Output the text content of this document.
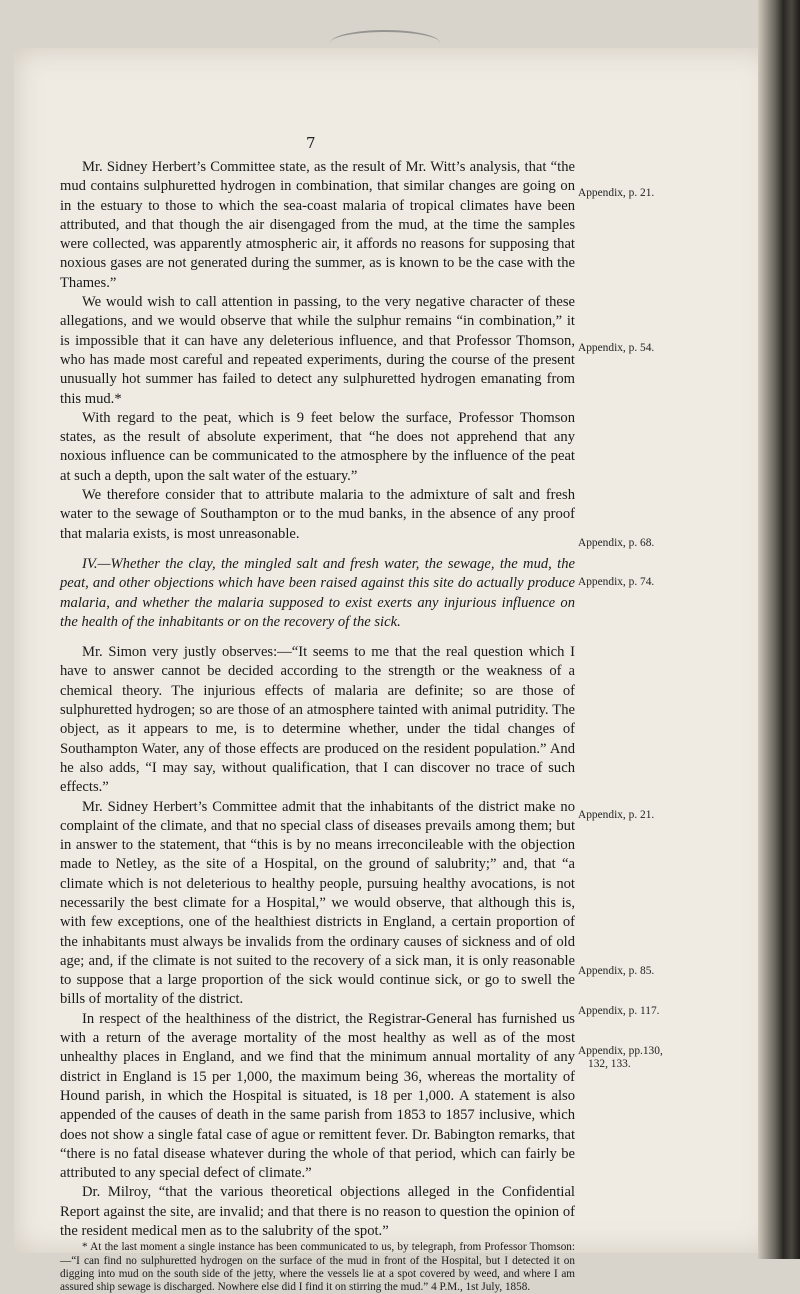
7

Mr. Sidney Herbert’s Committee state, as the result of Mr. Witt’s analysis, that “the mud contains sulphuretted hydrogen in combination, that similar changes are going on in the estuary to those to which the sea-coast malaria of tropical climates have been attributed, and that though the air disengaged from the mud, at the time the samples were collected, was apparently atmospheric air, it affords no reasons for supposing that noxious gases are not generated during the summer, as is known to be the case with the Thames.”

We would wish to call attention in passing, to the very negative character of these allegations, and we would observe that while the sulphur remains “in combination,” it is impossible that it can have any deleterious influence, and that Professor Thomson, who has made most careful and repeated experiments, during the course of the present unusually hot summer has failed to detect any sulphuretted hydrogen emanating from this mud.*

With regard to the peat, which is 9 feet below the surface, Professor Thomson states, as the result of absolute experiment, that “he does not apprehend that any noxious influence can be communicated to the atmosphere by the influence of the peat at such a depth, upon the salt water of the estuary.”

We therefore consider that to attribute malaria to the admixture of salt and fresh water to the sewage of Southampton or to the mud banks, in the absence of any proof that malaria exists, is most unreasonable.

IV.—Whether the clay, the mingled salt and fresh water, the sewage, the mud, the peat, and other objections which have been raised against this site do actually produce malaria, and whether the malaria supposed to exist exerts any injurious influence on the health of the inhabitants or on the recovery of the sick.

Mr. Simon very justly observes:—“It seems to me that the real question which I have to answer cannot be decided according to the strength or the weakness of a chemical theory. The injurious effects of malaria are definite; so are those of sulphuretted hydrogen; so are those of an atmosphere tainted with animal putridity. The object, as it appears to me, is to determine whether, under the tidal changes of Southampton Water, any of those effects are produced on the resident population.” And he also adds, “I may say, without qualification, that I can discover no trace of such effects.”

Mr. Sidney Herbert’s Committee admit that the inhabitants of the district make no complaint of the climate, and that no special class of diseases prevails among them; but in answer to the statement, that “this is by no means irreconcileable with the objection made to Netley, as the site of a Hospital, on the ground of salubrity;” and, that “a climate which is not deleterious to healthy people, pursuing healthy avocations, is not necessarily the best climate for a Hospital,” we would observe, that although this is, with few exceptions, one of the healthiest districts in England, a certain proportion of the inhabitants must always be invalids from the ordinary causes of sickness and of old age; and, if the climate is not suited to the recovery of a sick man, it is only reasonable to suppose that a large proportion of the sick would continue sick, or go to swell the bills of mortality of the district.

In respect of the healthiness of the district, the Registrar-General has furnished us with a return of the average mortality of the most healthy as well as of the most unhealthy places in England, and we find that the minimum annual mortality of any district in England is 15 per 1,000, the maximum being 36, whereas the mortality of Hound parish, in which the Hospital is situated, is 18 per 1,000. A statement is also appended of the causes of death in the same parish from 1853 to 1857 inclusive, which does not show a single fatal case of ague or remittent fever. Dr. Babington remarks, that “there is no fatal disease whatever during the whole of that period, which can fairly be attributed to any special defect of climate.”

Dr. Milroy, “that the various theoretical objections alleged in the Confidential Report against the site, are invalid; and that there is no reason to question the opinion of the resident medical men as to the salubrity of the spot.”

* At the last moment a single instance has been communicated to us, by telegraph, from Professor Thomson:—“I can find no sulphuretted hydrogen on the surface of the mud in front of the Hospital, but I detected it on digging into mud on the south side of the jetty, where the vessels lie at a spot covered by weed, and where I am assured ship sewage is discharged. Nowhere else did I find it on stirring the mud.” 4 P.M., 1st July, 1858.

Appendix, p. 21.
Appendix, p. 54.
Appendix, p. 68.
Appendix, p. 74.
Appendix, p. 21.
Appendix, p. 85.
Appendix, p. 117.
Appendix, pp.130,
132, 133.
